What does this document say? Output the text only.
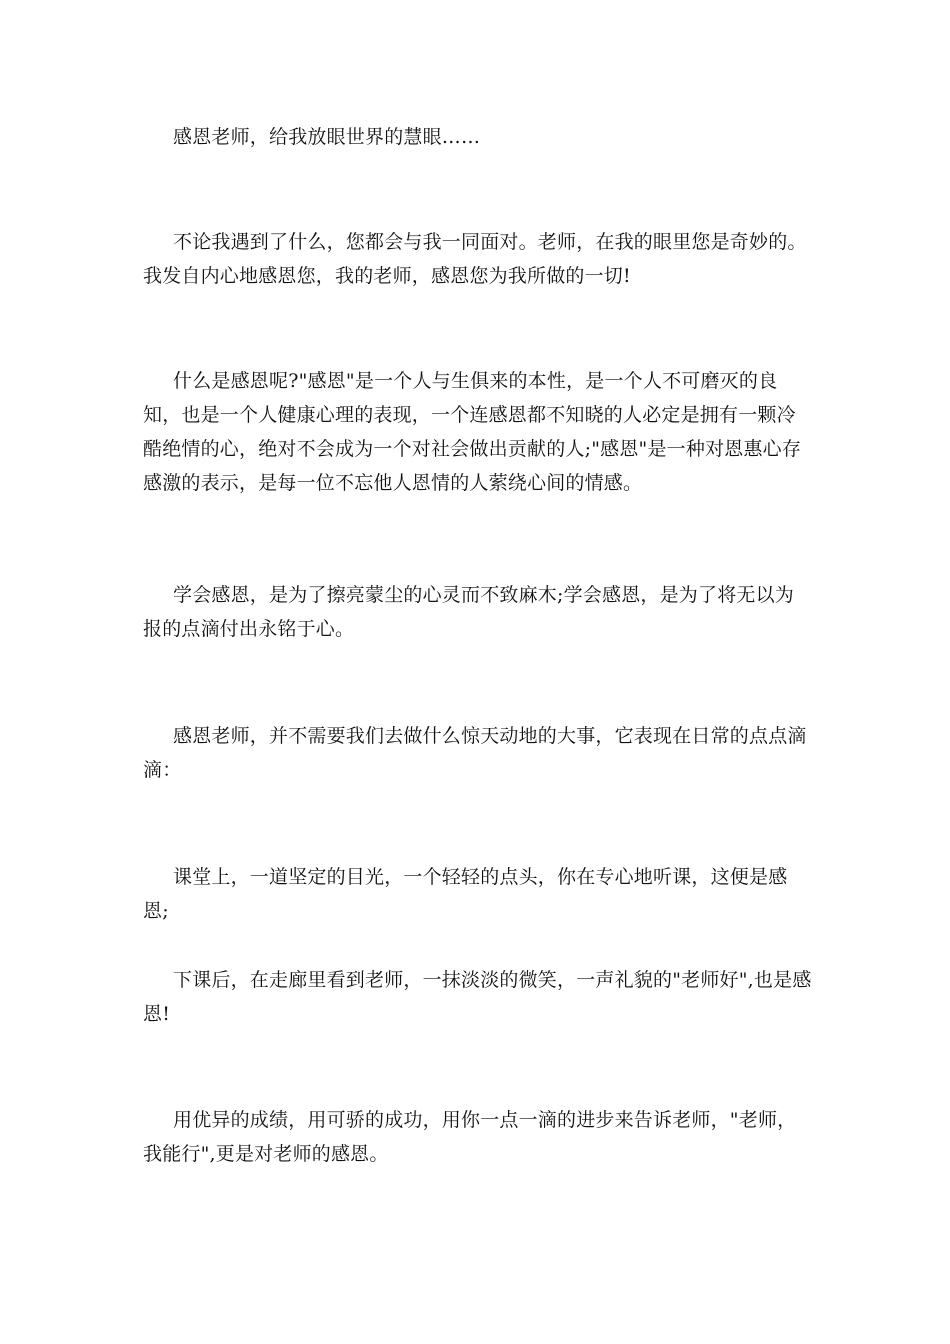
感恩老师，给我放眼世界的慧眼……

不论我遇到了什么，您都会与我一同面对。老师，在我的眼里您是奇妙的。我发自内心地感恩您，我的老师，感恩您为我所做的一切!

什么是感恩呢?"感恩"是一个人与生俱来的本性，是一个人不可磨灭的良知，也是一个人健康心理的表现，一个连感恩都不知晓的人必定是拥有一颗冷酷绝情的心，绝对不会成为一个对社会做出贡献的人;"感恩"是一种对恩惠心存感激的表示，是每一位不忘他人恩情的人萦绕心间的情感。

学会感恩，是为了擦亮蒙尘的心灵而不致麻木;学会感恩，是为了将无以为报的点滴付出永铭于心。

感恩老师，并不需要我们去做什么惊天动地的大事，它表现在日常的点点滴滴：

课堂上，一道坚定的目光，一个轻轻的点头，你在专心地听课，这便是感恩;

下课后，在走廊里看到老师，一抹淡淡的微笑，一声礼貌的"老师好",也是感恩!

用优异的成绩，用可骄的成功，用你一点一滴的进步来告诉老师，"老师，我能行",更是对老师的感恩。
